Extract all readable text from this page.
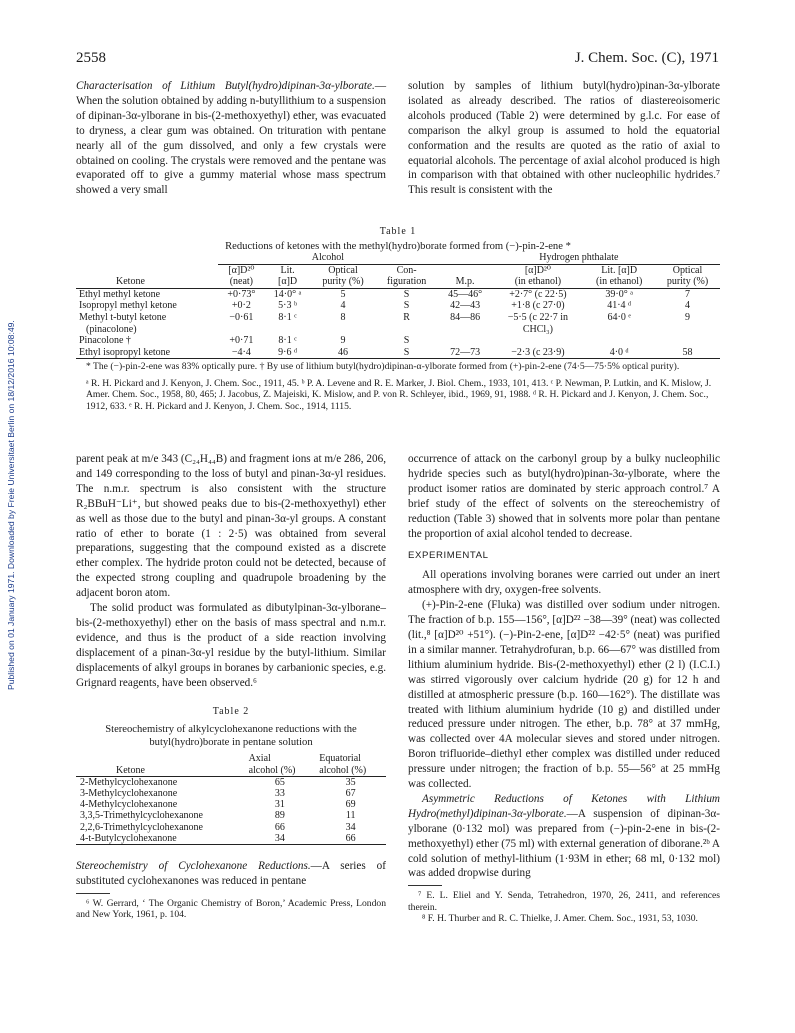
Published on 01 January 1971. Downloaded by Freie Universitaet Berlin on 18/12/2016 10:08:49.
2558	J. Chem. Soc. (C), 1971

Characterisation of Lithium Butyl(hydro)dipinan-3α-ylborate.—When the solution obtained by adding n-butyllithium to a suspension of dipinan-3α-ylborane in bis-(2-methoxyethyl) ether, was evacuated to dryness, a clear gum was obtained. On trituration with pentane nearly all of the gum dissolved, and only a few crystals were obtained on cooling. The crystals were removed and the pentane was evaporated off to give a gummy material whose mass spectrum showed a very small

solution by samples of lithium butyl(hydro)pinan-3α-ylborate isolated as already described. The ratios of diastereoisomeric alcohols produced (Table 2) were determined by g.l.c. For ease of comparison the alkyl group is assumed to hold the equatorial conformation and the results are quoted as the ratio of axial to equatorial alcohols. The percentage of axial alcohol produced is high in comparison with that obtained with other nucleophilic hydrides.⁷ This result is consistent with the

Table 1
Reductions of ketones with the methyl(hydro)borate formed from (−)-pin-2-ene *
	Alcohol				Hydrogen phthalate			

	[α]D²⁰	Lit.	Optical	Con-		[α]D²⁰	Lit. [α]D	Optical
Ketone	(neat)	[α]D	purity (%)	figuration	M.p.	(in ethanol)	(in ethanol)	purity (%)
Ethyl methyl ketone	+0·73°	14·0° ᵃ	5	S	45—46°	+2·7° (c 22·5)	39·0° ᵃ	7
Isopropyl methyl ketone	+0·2	5·3 ᵇ	4	S	42—43	+1·8 (c 27·0)	41·4 ᵈ	4
Methyl t-butyl ketone	−0·61	8·1 ᶜ	8	R	84—86	−5·5 (c 22·7 in	64·0 ᵉ	9
(pinacolone)						CHCl₃)		
Pinacolone †	+0·71	8·1 ᶜ	9	S				
Ethyl isopropyl ketone	−4·4	9·6 ᵈ	46	S	72—73	−2·3 (c 23·9)	4·0 ᵈ	58

* The (−)-pin-2-ene was 83% optically pure. † By use of lithium butyl(hydro)dipinan-α-ylborate formed from (+)-pin-2-ene (74·5—75·5% optical purity).

ᵃ R. H. Pickard and J. Kenyon, J. Chem. Soc., 1911, 45. ᵇ P. A. Levene and R. E. Marker, J. Biol. Chem., 1933, 101, 413. ᶜ P. Newman, P. Lutkin, and K. Mislow, J. Amer. Chem. Soc., 1958, 80, 465; J. Jacobus, Z. Majeiski, K. Mislow, and P. von R. Schleyer, ibid., 1969, 91, 1988. ᵈ R. H. Pickard and J. Kenyon, J. Chem. Soc., 1912, 633. ᵉ R. H. Pickard and J. Kenyon, J. Chem. Soc., 1914, 1115.

parent peak at m/e 343 (C₂₄H₄₄B) and fragment ions at m/e 286, 206, and 149 corresponding to the loss of butyl and pinan-3α-yl residues. The n.m.r. spectrum is also consistent with the structure R₂BBuH⁻Li⁺, but showed peaks due to bis-(2-methoxyethyl) ether as well as those due to the butyl and pinan-3α-yl groups. A constant ratio of ether to borate (1 : 2·5) was obtained from several preparations, suggesting that the compound existed as a discrete ether complex. The hydride proton could not be detected, because of the expected strong coupling and quadrupole broadening by the adjacent boron atom.

The solid product was formulated as dibutylpinan-3α-ylborane–bis-(2-methoxyethyl) ether on the basis of mass spectral and n.m.r. evidence, and thus is the product of a side reaction involving displacement of a pinan-3α-yl residue by the butyl-lithium. Similar displacements of alkyl groups in boranes by carbanionic species, e.g. Grignard reagents, have been observed.⁶

Table 2
Stereochemistry of alkylcyclohexanone reductions with the butyl(hydro)borate in pentane solution
	Axial	Equatorial
Ketone	alcohol (%)	alcohol (%)
2-Methylcyclohexanone	65	35
3-Methylcyclohexanone	33	67
4-Methylcyclohexanone	31	69
3,3,5-Trimethylcyclohexanone	89	11
2,2,6-Trimethylcyclohexanone	66	34
4-t-Butylcyclohexanone	34	66

Stereochemistry of Cyclohexanone Reductions.—A series of substituted cyclohexanones was reduced in pentane

⁶ W. Gerrard, ‘ The Organic Chemistry of Boron,’ Academic Press, London and New York, 1961, p. 104.

occurrence of attack on the carbonyl group by a bulky nucleophilic hydride species such as butyl(hydro)pinan-3α-ylborate, where the product isomer ratios are dominated by steric approach control.⁷ A brief study of the effect of solvents on the stereochemistry of reduction (Table 3) showed that in solvents more polar than pentane the proportion of axial alcohol tended to decrease.

EXPERIMENTAL

All operations involving boranes were carried out under an inert atmosphere with dry, oxygen-free solvents.

(+)-Pin-2-ene (Fluka) was distilled over sodium under nitrogen. The fraction of b.p. 155—156°, [α]D²² −38—39° (neat) was collected (lit.,⁸ [α]D²⁰ +51°). (−)-Pin-2-ene, [α]D²² −42·5° (neat) was purified in a similar manner. Tetrahydrofuran, b.p. 66—67° was distilled from lithium aluminium hydride. Bis-(2-methoxyethyl) ether (2 l) (I.C.I.) was stirred vigorously over calcium hydride (20 g) for 12 h and distilled at atmospheric pressure (b.p. 160—162°). The distillate was treated with lithium aluminium hydride (10 g) and distilled under reduced pressure under nitrogen. The ether, b.p. 78° at 37 mmHg, was collected over 4A molecular sieves and stored under nitrogen. Boron trifluoride–diethyl ether complex was distilled under reduced pressure under nitrogen; the fraction of b.p. 55—56° at 25 mmHg was collected.

Asymmetric Reductions of Ketones with Lithium Hydro(methyl)dipinan-3α-ylborate.—A suspension of dipinan-3α-ylborane (0·132 mol) was prepared from (−)-pin-2-ene in bis-(2-methoxyethyl) ether (75 ml) with external generation of diborane.²ᵇ A cold solution of methyl-lithium (1·93M in ether; 68 ml, 0·132 mol) was added dropwise during

⁷ E. L. Eliel and Y. Senda, Tetrahedron, 1970, 26, 2411, and references therein.

⁸ F. H. Thurber and R. C. Thielke, J. Amer. Chem. Soc., 1931, 53, 1030.
